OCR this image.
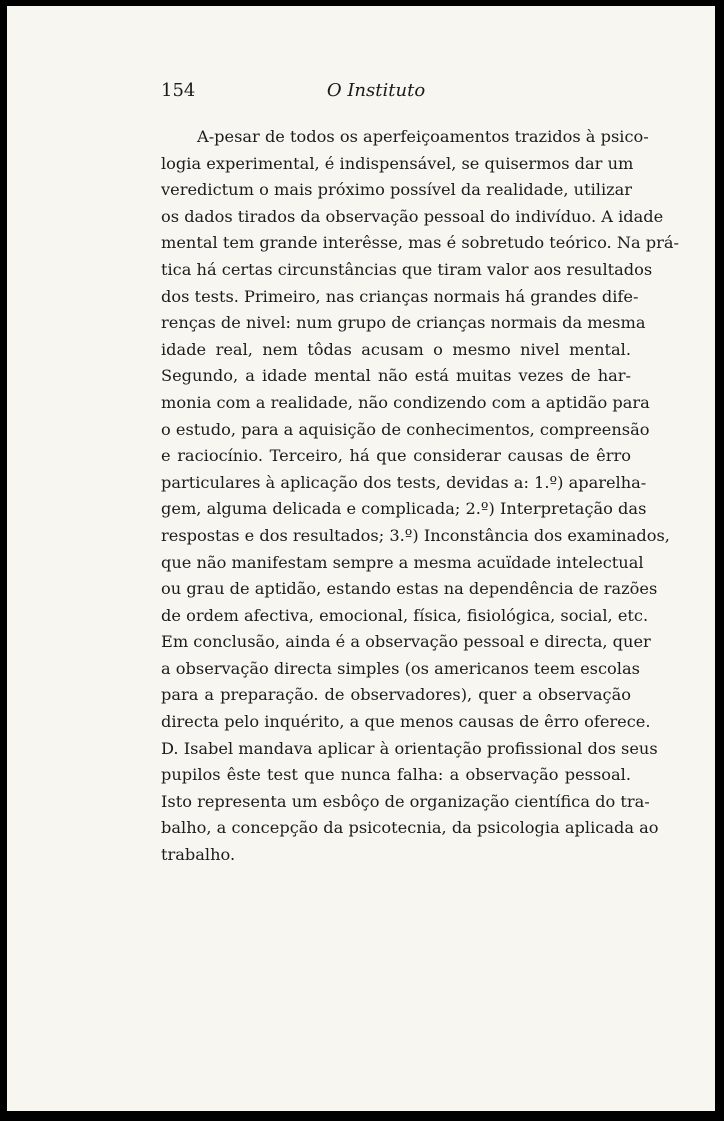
154	O Instituto

A-pesar de todos os aperfeiçoamentos trazidos à psico-
logia experimental, é indispensável, se quisermos dar um
veredictum o mais próximo possível da realidade, utilizar
os dados tirados da observação pessoal do indivíduo. A idade
mental tem grande interêsse, mas é sobretudo teórico. Na prá-
tica há certas circunstâncias que tiram valor aos resultados
dos tests. Primeiro, nas crianças normais há grandes dife-
renças de nivel: num grupo de crianças normais da mesma
idade real, nem tôdas acusam o mesmo nivel mental.
Segundo, a idade mental não está muitas vezes de har-
monia com a realidade, não condizendo com a aptidão para
o estudo, para a aquisição de conhecimentos, compreensão
e raciocínio. Terceiro, há que considerar causas de êrro
particulares à aplicação dos tests, devidas a: 1.º) aparelha-
gem, alguma delicada e complicada; 2.º) Interpretação das
respostas e dos resultados; 3.º) Inconstância dos examinados,
que não manifestam sempre a mesma acuïdade intelectual
ou grau de aptidão, estando estas na dependência de razões
de ordem afectiva, emocional, física, fisiológica, social, etc.
Em conclusão, ainda é a observação pessoal e directa, quer
a observação directa simples (os americanos teem escolas
para a preparação. de observadores), quer a observação
directa pelo inquérito, a que menos causas de êrro oferece.
D. Isabel mandava aplicar à orientação profissional dos seus
pupilos êste test que nunca falha: a observação pessoal.
Isto representa um esbôço de organização científica do tra-
balho, a concepção da psicotecnia, da psicologia aplicada ao
trabalho.
